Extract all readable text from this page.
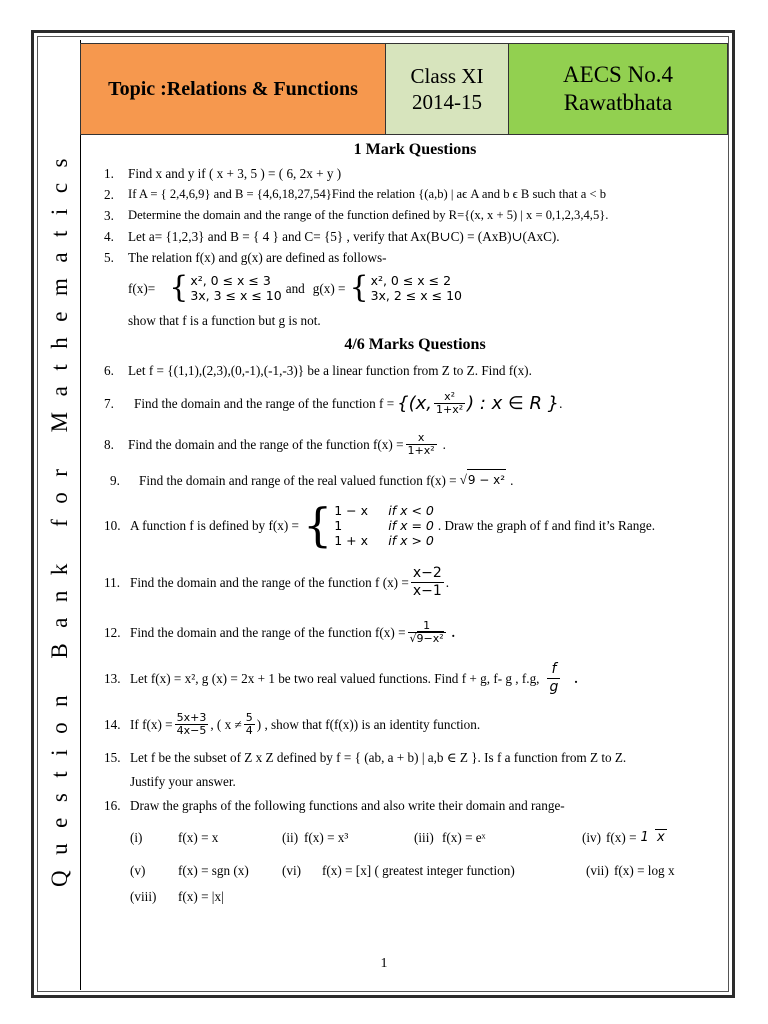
Question Bank for Mathematics
Topic :Relations & Functions
Class XI
2014-15
AECS No.4
Rawatbhata
1 Mark Questions
1.	Find x and y if ( x + 3, 5 ) = ( 6, 2x + y )
2.	If A = { 2,4,6,9} and B = {4,6,18,27,54}Find the relation {(a,b) | aϵ A and b ϵ B such that a < b
3.	Determine the domain and the range of the function defined by R={(x, x + 5) | x = 0,1,2,3,4,5}.
4.	Let a= {1,2,3} and B = { 4 } and C= {5} , verify that Ax(B∪C) = (AxB)∪(AxC).
5.	The relation f(x) and g(x) are defined as follows-
f(x)= { x², 0 ≤ x ≤ 3
3x, 3 ≤ x ≤ 10 and g(x) = { x², 0 ≤ x ≤ 2
3x, 2 ≤ x ≤ 10
show that f is a function but g is not.
4/6 Marks Questions
6.	Let f = {(1,1),(2,3),(0,-1),(-1,-3)} be a linear function from Z to Z. Find f(x).
7.	Find the domain and the range of the function f = {(x, $\frac{\text{x²}}{\text{1+x²}}$ ) : x ∈ R } .
8.	Find the domain and the range of the function $f(x) = \frac{x}{\text{1+x²}}$ .
9.	Find the domain and range of the real valued function f(x) = √ 9 − x² .
10. A function f is defined by f(x) = { 1 − x if x < 0
1	if x = 0
1 + x if x > 0
. Draw the graph of f and find it’s Range.
11. Find the domain and the range of the function f $(x) = \frac{x-2}{x-1}$ .
12. Find the domain and the range of the function $f(x) = \frac{1}{\text{√9−x²}}$ .
13. Let f(x) = x², g (x) = 2x + 1 be two real valued functions. Find f + g, f- g , f.g, $\frac{f}{g}$ .
14. If $f(x) = \frac{5x+3}{4x-5}$ , ( $x \ne \frac{5}{4}$ ) , show that f(f(x)) is an identity function.
15. Let f be the subset of Z x Z defined by f = { (ab, a + b) | a,b ∈ Z }. Is f a function from Z to Z.
Justify your answer.
16. Draw the graphs of the following functions and also write their domain and range-
(i)	f(x) = x	(ii) f(x) = x³	(iii) f(x) = eˣ	(iv) f(x) = 1 x
(v)	f(x) = sgn (x)	(vi)	f(x) = [x] ( greatest integer function)	(vii) f(x) = log x
(viii)	f(x) = |x|
1
